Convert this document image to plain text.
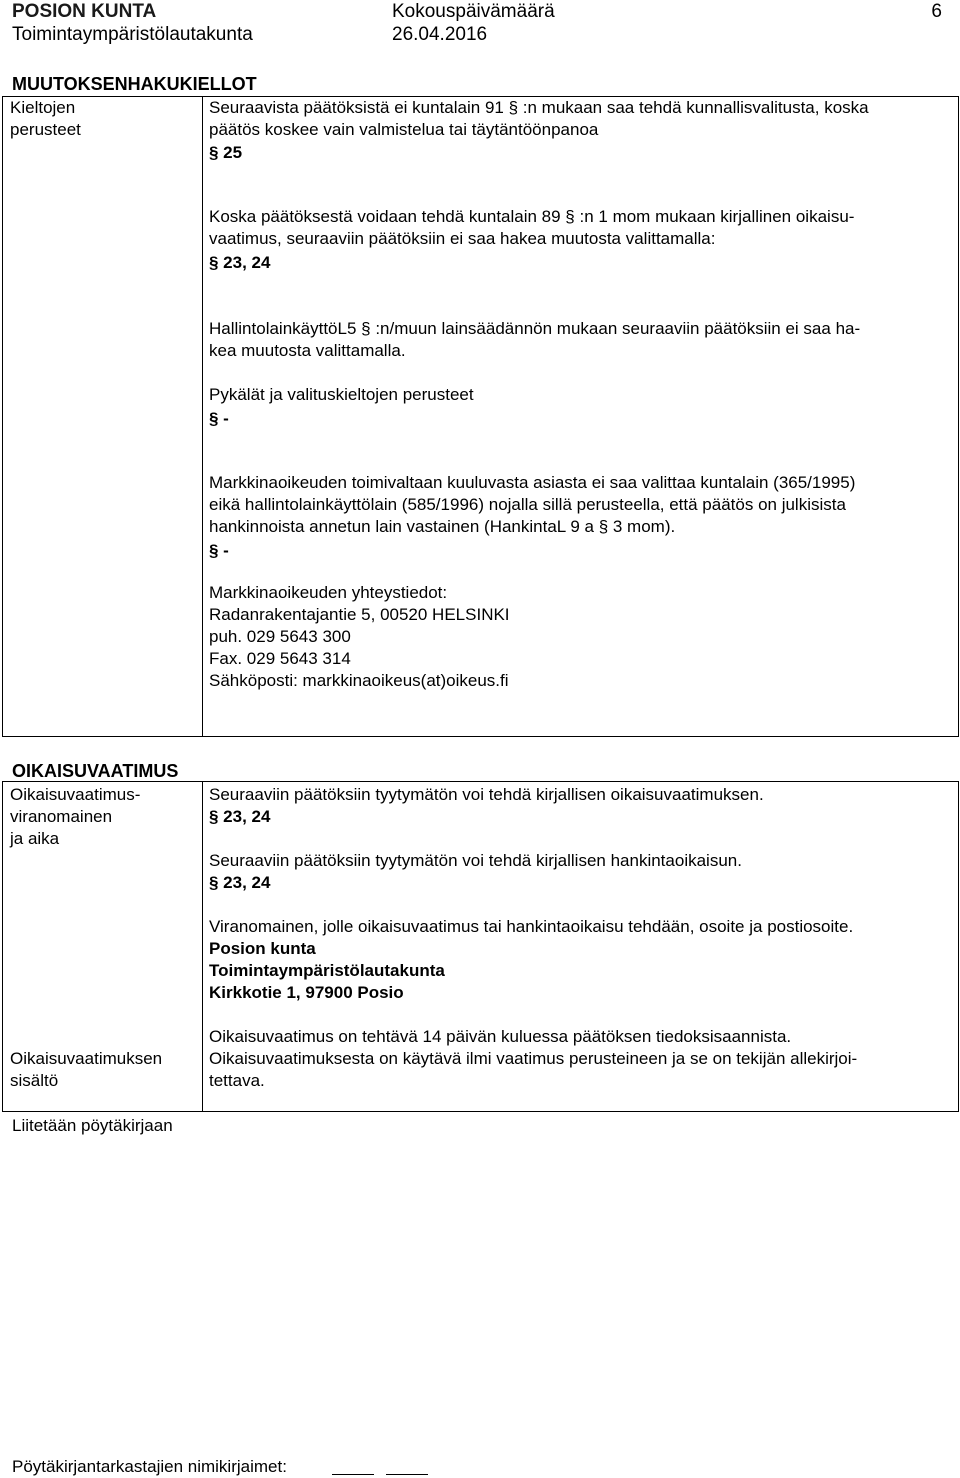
POSION KUNTA
Toimintaympäristölautakunta
Kokouspäivämäärä
26.04.2016
6
MUUTOKSENHAKUKIELLOT
Kieltojen
perusteet
Seuraavista päätöksistä ei kuntalain 91 § :n mukaan saa tehdä kunnallisvalitusta, koska
päätös koskee vain valmistelua tai täytäntöönpanoa
§ 25
Koska päätöksestä voidaan tehdä kuntalain 89 § :n 1 mom mukaan kirjallinen oikaisu-
vaatimus, seuraaviin päätöksiin ei saa hakea muutosta valittamalla:
§ 23, 24
HallintolainkäyttöL5 § :n/muun lainsäädännön mukaan seuraaviin päätöksiin ei saa ha-
kea muutosta valittamalla.
Pykälät ja valituskieltojen perusteet
§ -
Markkinaoikeuden toimivaltaan kuuluvasta asiasta ei saa valittaa kuntalain (365/1995)
eikä hallintolainkäyttölain (585/1996) nojalla sillä perusteella, että päätös on julkisista
hankinnoista annetun lain vastainen (HankintaL 9 a § 3 mom).
§ -
Markkinaoikeuden yhteystiedot:
Radanrakentajantie 5, 00520 HELSINKI
puh. 029 5643 300
Fax. 029 5643 314
Sähköposti: markkinaoikeus(at)oikeus.fi
OIKAISUVAATIMUS
Oikaisuvaatimus-
viranomainen
ja aika
Oikaisuvaatimuksen
sisältö
Seuraaviin päätöksiin tyytymätön voi tehdä kirjallisen oikaisuvaatimuksen.
§ 23, 24
Seuraaviin päätöksiin tyytymätön voi tehdä kirjallisen hankintaoikaisun.
§ 23, 24
Viranomainen, jolle oikaisuvaatimus tai hankintaoikaisu tehdään, osoite ja postiosoite.
Posion kunta
Toimintaympäristölautakunta
Kirkkotie 1, 97900 Posio
Oikaisuvaatimus on tehtävä 14 päivän kuluessa päätöksen tiedoksisaannista.
Oikaisuvaatimuksesta on käytävä ilmi vaatimus perusteineen ja se on tekijän allekirjoi-
tettava.
Liitetään pöytäkirjaan
Pöytäkirjantarkastajien nimikirjaimet:
